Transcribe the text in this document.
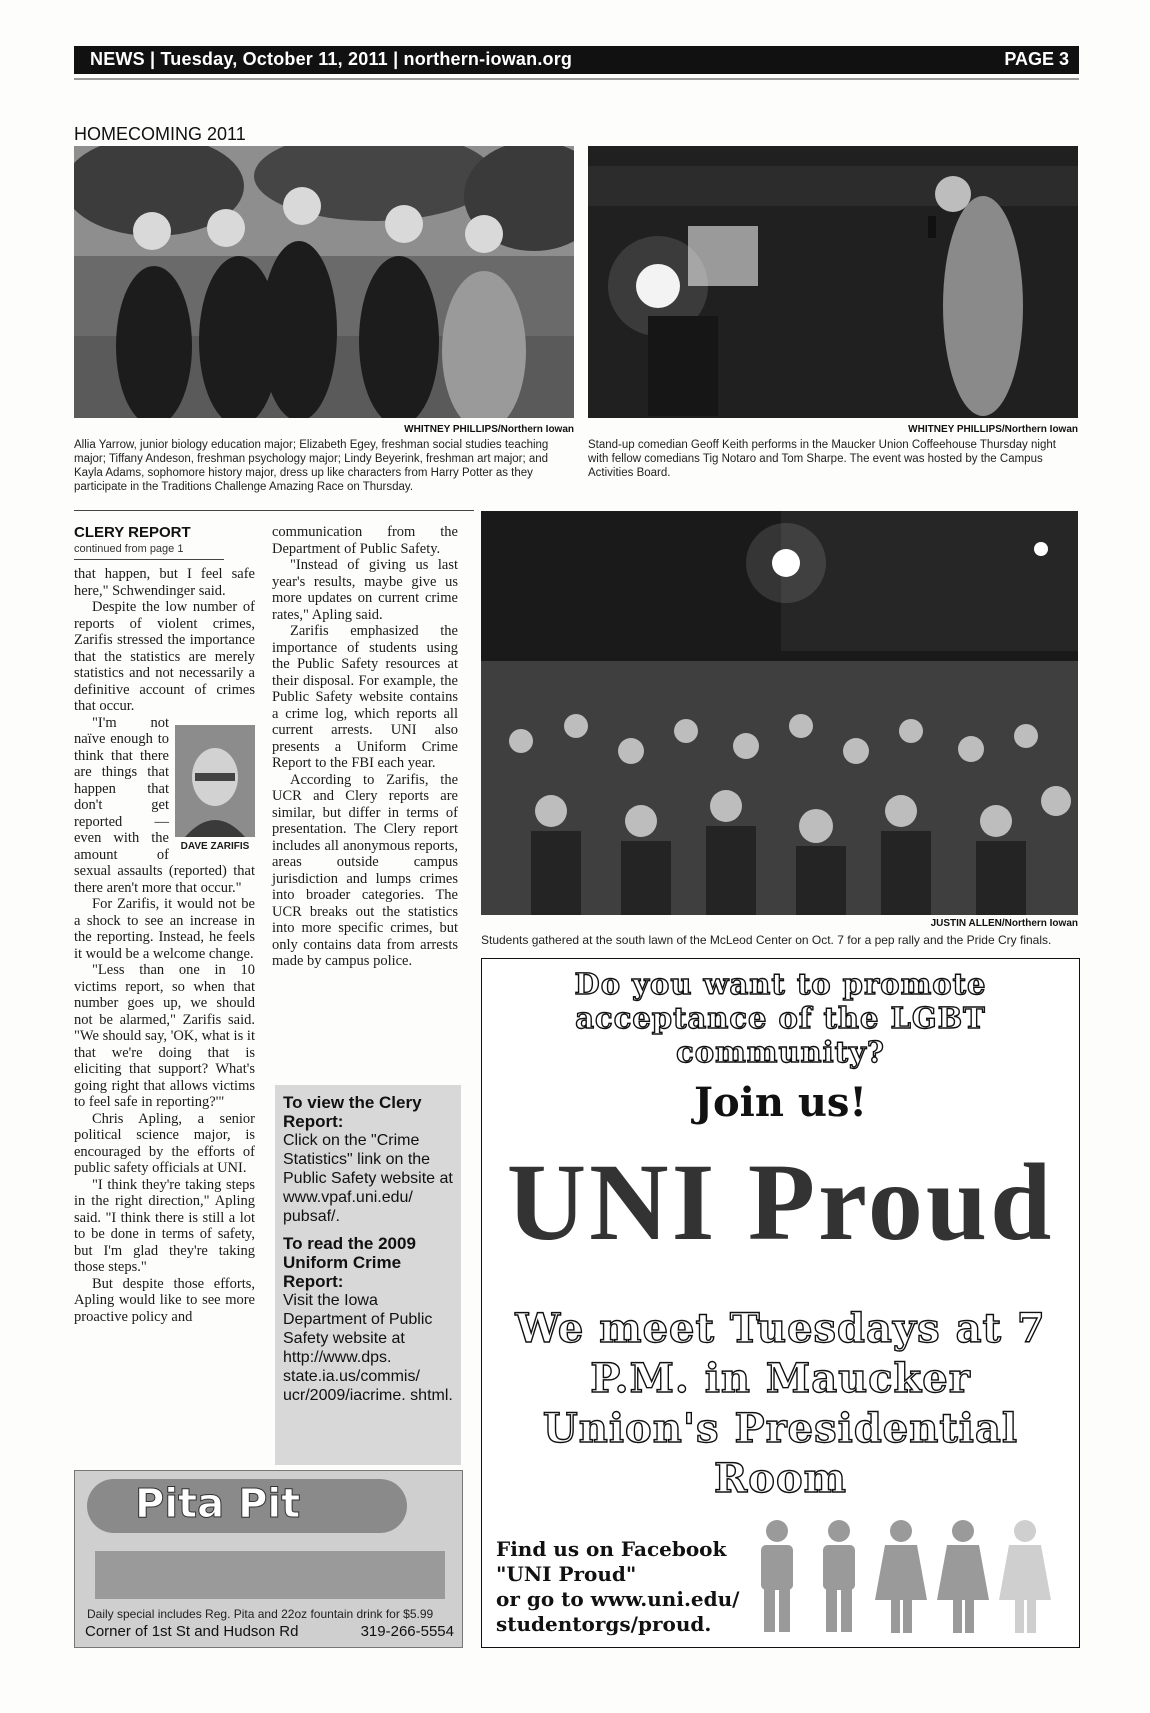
NEWS | Tuesday, October 11, 2011 | northern-iowan.org	PAGE 3
HOMECOMING 2011
WHITNEY PHILLIPS/Northern Iowan
Allia Yarrow, junior biology education major; Elizabeth Egey, freshman social studies teaching major; Tiffany Andeson, freshman psychology major; Lindy Beyerink, freshman art major; and Kayla Adams, sophomore history major, dress up like characters from Harry Potter as they participate in the Traditions Challenge Amazing Race on Thursday.
WHITNEY PHILLIPS/Northern Iowan
Stand-up comedian Geoff Keith performs in the Maucker Union Coffeehouse Thursday night with fellow comedians Tig Notaro and Tom Sharpe. The event was hosted by the Campus Activities Board.
CLERY REPORT
continued from page 1

that happen, but I feel safe here," Schwendinger said.

Despite the low number of reports of violent crimes, Zarifis stressed the importance that the statistics are merely statistics and not necessarily a definitive account of crimes that occur.

DAVE ZARIFIS

"I'm not naïve enough to think that there are things that happen that don't get reported — even with the amount of sexual assaults (reported) that there aren't more that occur."

For Zarifis, it would not be a shock to see an increase in the reporting. Instead, he feels it would be a welcome change.

"Less than one in 10 victims report, so when that number goes up, we should not be alarmed," Zarifis said. "We should say, 'OK, what is it that we're doing that is eliciting that support? What's going right that allows victims to feel safe in reporting?'"

Chris Apling, a senior political science major, is encouraged by the efforts of public safety officials at UNI.

"I think they're taking steps in the right direction," Apling said. "I think there is still a lot to be done in terms of safety, but I'm glad they're taking those steps."

But despite those efforts, Apling would like to see more proactive policy and

communication from the Department of Public Safety.

"Instead of giving us last year's results, maybe give us more updates on current crime rates," Apling said.

Zarifis emphasized the importance of students using the Public Safety resources at their disposal. For example, the Public Safety website contains a crime log, which reports all current arrests. UNI also presents a Uniform Crime Report to the FBI each year.

According to Zarifis, the UCR and Clery reports are similar, but differ in terms of presentation. The Clery report includes all anonymous reports, areas outside campus jurisdiction and lumps crimes into broader categories. The UCR breaks out the statistics into more specific crimes, but only contains data from arrests made by campus police.

To view the Clery Report:
Click on the "Crime Statistics" link on the Public Safety website at www.vpaf.uni.edu/ pubsaf/.
To read the 2009 Uniform Crime Report:
Visit the Iowa Department of Public Safety website at http://www.dps. state.ia.us/commis/ ucr/2009/iacrime. shtml.
JUSTIN ALLEN/Northern Iowan
Students gathered at the south lawn of the McLeod Center on Oct. 7 for a pep rally and the Pride Cry finals.
Do you want to promote acceptance of the LGBT community?
Join us!
UNI Proud
We meet Tuesdays at 7 P.M. in Maucker Union's Presidential Room
Find us on Facebook
"UNI Proud"
or go to www.uni.edu/
studentorgs/proud.
Pita Pit
Daily special includes Reg. Pita and 22oz fountain drink for $5.99
Corner of 1st St and Hudson Rd	319-266-5554
